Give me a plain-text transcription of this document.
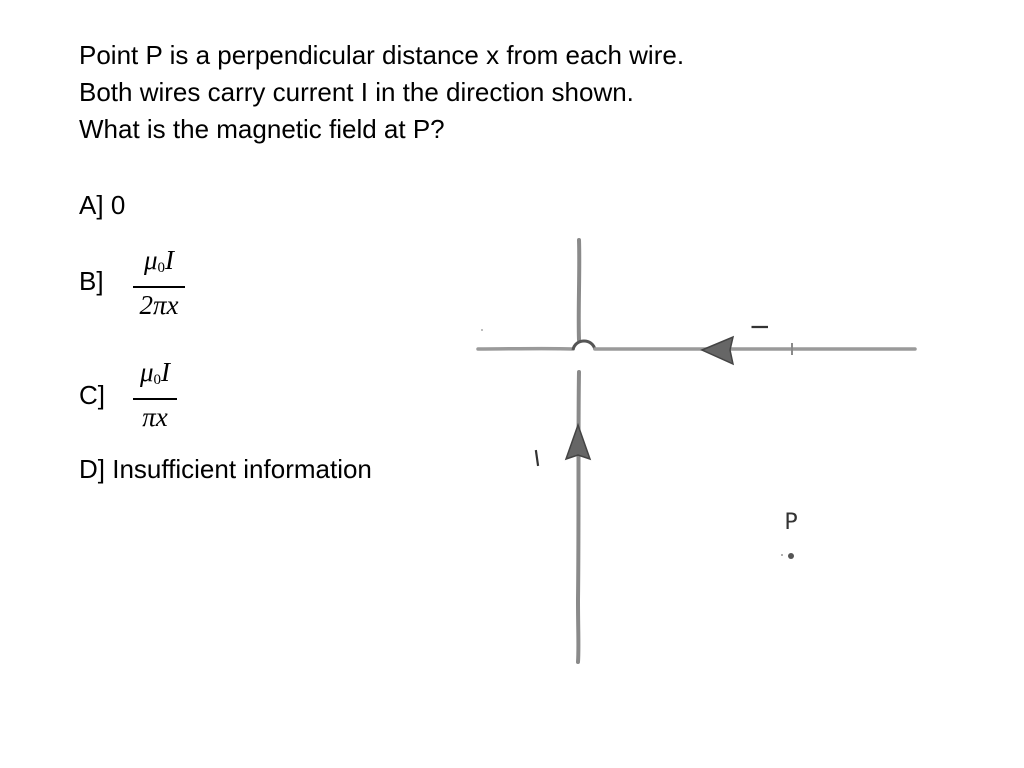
Point P is a perpendicular distance x from each wire.
Both wires carry current I in the direction shown.
What is the magnetic field at P?
A] 0
B]
$\mu_0I$
2πx
C]
$\mu_0I$
πx
D] Insufficient information
I
I
P
